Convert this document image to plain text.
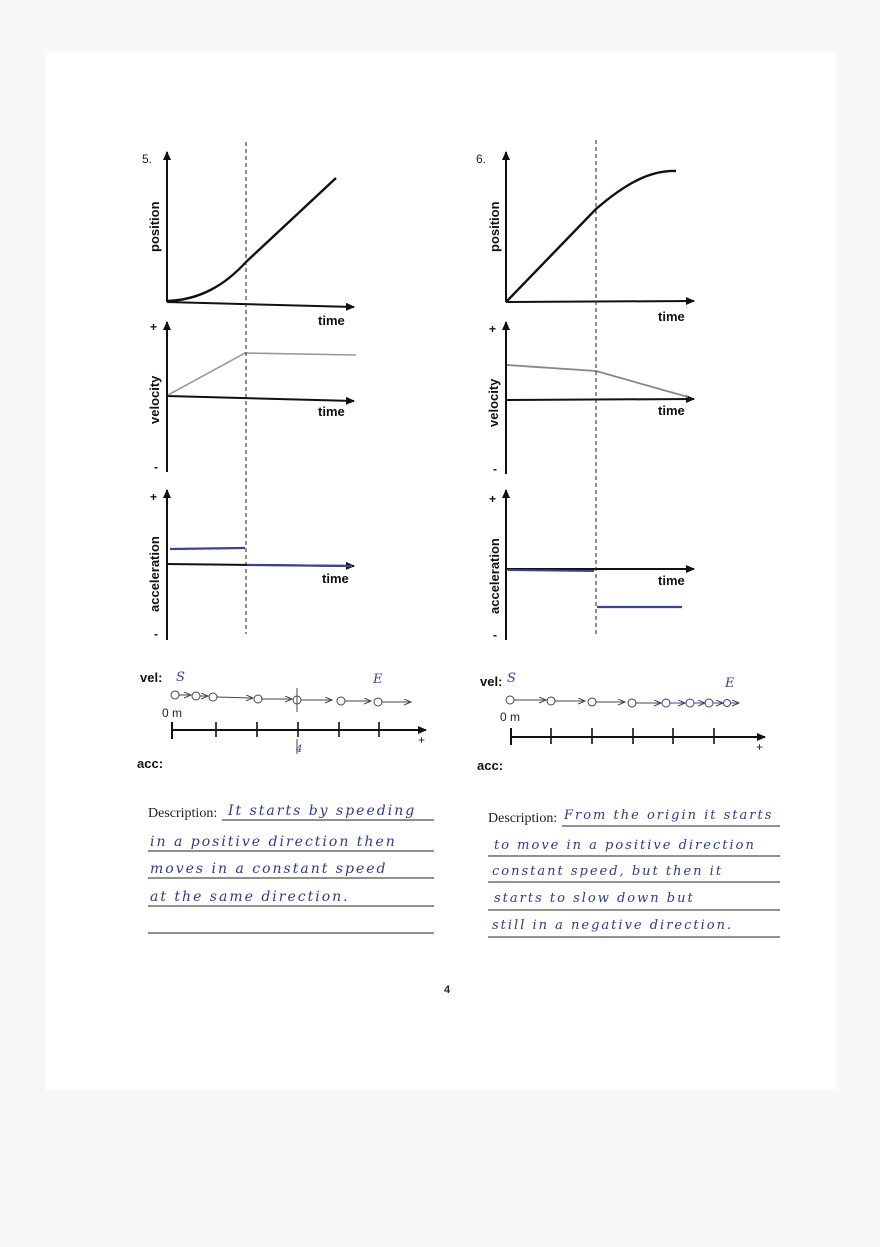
5.
position
time
+
velocity	time
-
+
acceleration	time
-
vel: S	E
0 m
+
4
acc:
Description: It starts by speeding
in a positive direction then
moves in a constant speed
at the same direction.
6.
position
time
+
velocity	time
-
+
acceleration	time
-
vel: S	E
0 m
+
acc:
Description: From the origin it starts
to move in a positive direction
constant speed, but then it
starts to slow down but
still in a negative direction.
4
